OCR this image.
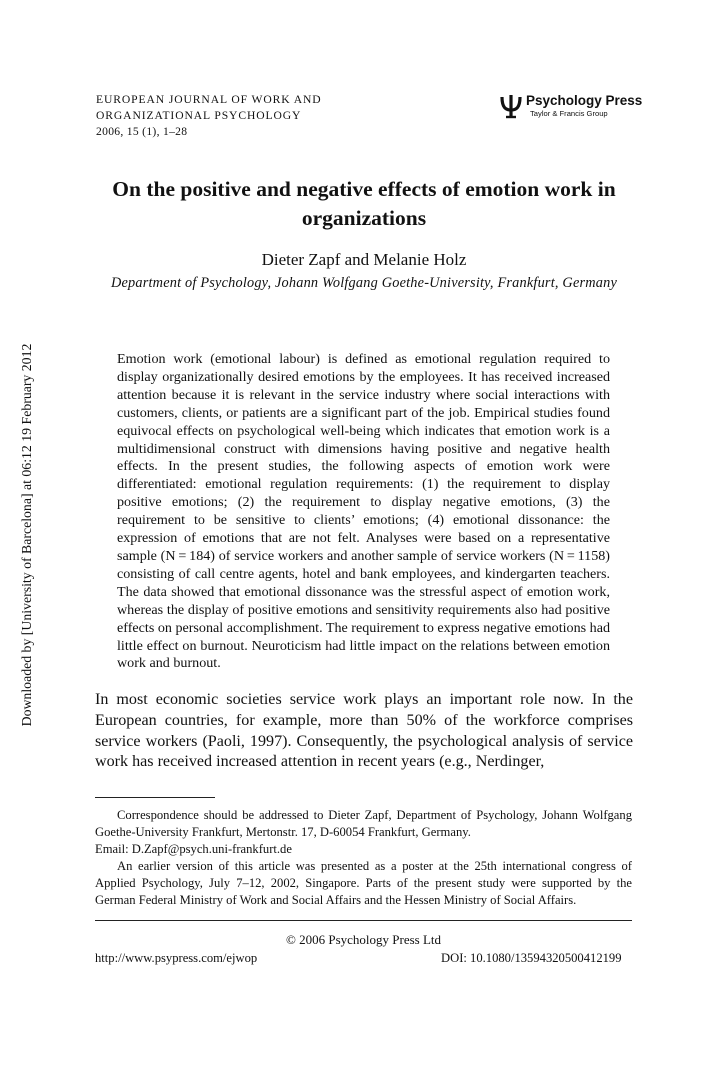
EUROPEAN JOURNAL OF WORK AND
ORGANIZATIONAL PSYCHOLOGY
2006, 15 (1), 1–28
Psychology Press
Taylor & Francis Group
On the positive and negative effects of emotion work in organizations
Dieter Zapf and Melanie Holz
Department of Psychology, Johann Wolfgang Goethe-University, Frankfurt, Germany

Emotion work (emotional labour) is defined as emotional regulation required to display organizationally desired emotions by the employees. It has received increased attention because it is relevant in the service industry where social interactions with customers, clients, or patients are a significant part of the job. Empirical studies found equivocal effects on psychological well-being which indicates that emotion work is a multidimensional construct with dimensions having positive and negative health effects. In the present studies, the following aspects of emotion work were differentiated: emotional regulation requirements: (1) the requirement to display positive emotions; (2) the requirement to display negative emotions, (3) the requirement to be sensitive to clients’ emotions; (4) emotional dissonance: the expression of emotions that are not felt. Analyses were based on a representative sample (N = 184) of service workers and another sample of service workers (N = 1158) consisting of call centre agents, hotel and bank employees, and kindergarten teachers. The data showed that emotional dissonance was the stressful aspect of emotion work, whereas the display of positive emotions and sensitivity requirements also had positive effects on personal accomplishment. The requirement to express negative emotions had little effect on burnout. Neuroticism had little impact on the relations between emotion work and burnout.

In most economic societies service work plays an important role now. In the European countries, for example, more than 50% of the workforce comprises service workers (Paoli, 1997). Consequently, the psychological analysis of service work has received increased attention in recent years (e.g., Nerdinger,

Correspondence should be addressed to Dieter Zapf, Department of Psychology, Johann Wolfgang Goethe-University Frankfurt, Mertonstr. 17, D-60054 Frankfurt, Germany.

Email: D.Zapf@psych.uni-frankfurt.de

An earlier version of this article was presented as a poster at the 25th international congress of Applied Psychology, July 7–12, 2002, Singapore. Parts of the present study were supported by the German Federal Ministry of Work and Social Affairs and the Hessen Ministry of Social Affairs.

© 2006 Psychology Press Ltd
http://www.psypress.com/ejwop	DOI: 10.1080/13594320500412199
Downloaded by [University of Barcelona] at 06:12 19 February 2012
